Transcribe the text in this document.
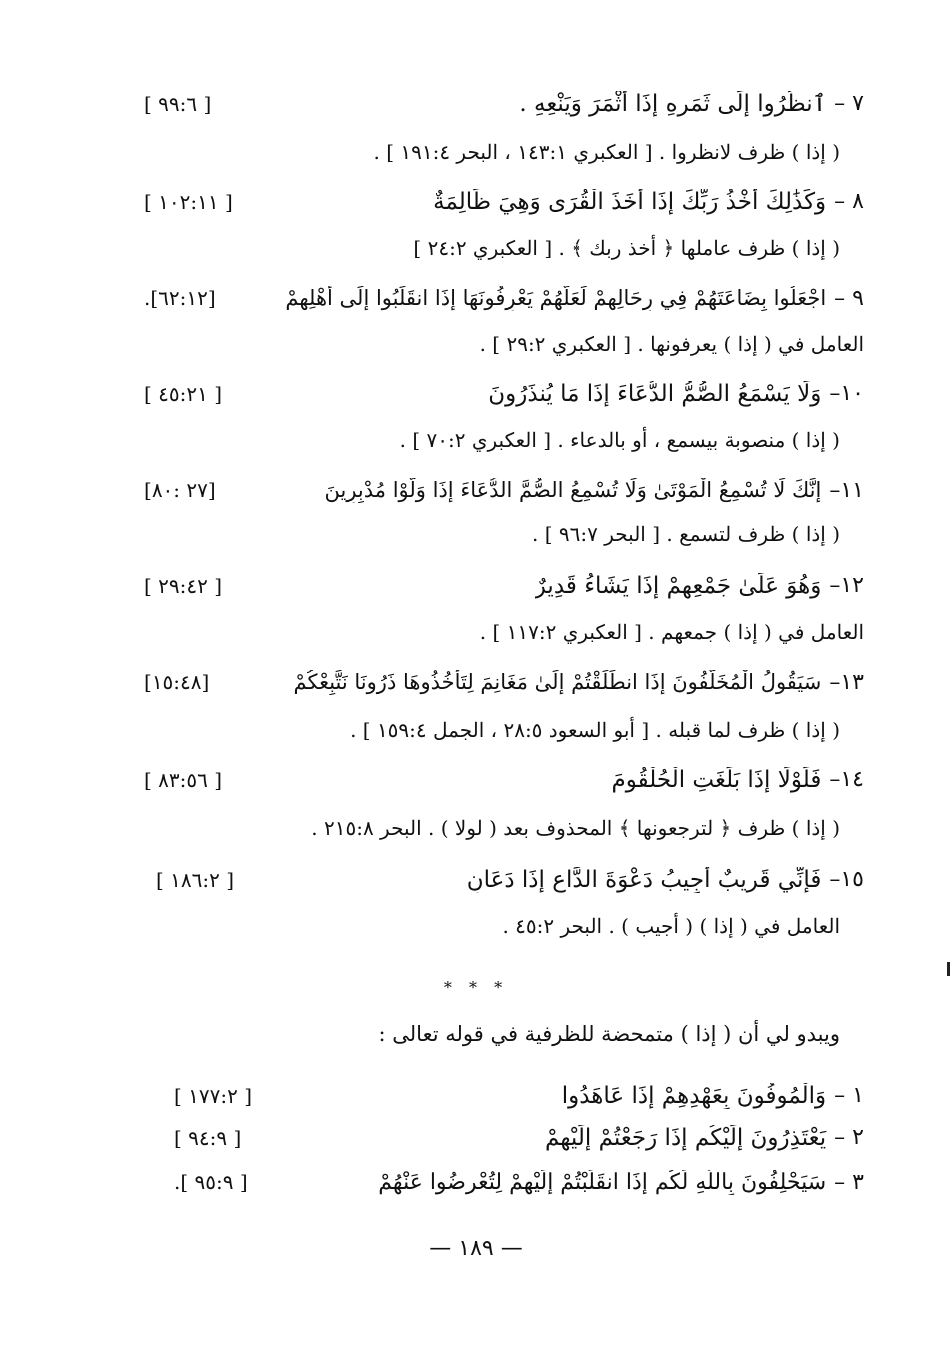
٧ –
ٱنظُرُوا إِلَى ثَمَرِهِ إِذَا أَثْمَرَ وَيَنْعِهِ .
[ ٩٩:٦ ]
( إذا ) ظرف لانظروا . [ العكبري ١٤٣:١ ، البحر ١٩١:٤ ] .
٨ –
وَكَذَٰلِكَ أَخْذُ رَبِّكَ إِذَا أَخَذَ الْقُرَى وَهِيَ ظَالِمَةٌ
[ ١٠٢:١١ ]
( إذا ) ظرف عاملها ﴿ أخذ ربك ﴾ . [ العكبري ٢٤:٢ ]
٩ –
اجْعَلُوا بِضَاعَتَهُمْ فِي رِحَالِهِمْ لَعَلَّهُمْ يَعْرِفُونَهَا إِذَا انقَلَبُوا إِلَى أَهْلِهِمْ
[٦٢:١٢].
العامل في ( إذا ) يعرفونها . [ العكبري ٢٩:٢ ] .
١٠–
وَلَا يَسْمَعُ الصُّمُّ الدُّعَاءَ إِذَا مَا يُنذَرُونَ
[ ٤٥:٢١ ]
( إذا ) منصوبة بيسمع ، أو بالدعاء . [ العكبري ٧٠:٢ ] .
١١–
إِنَّكَ لَا تُسْمِعُ الْمَوْتَىٰ وَلَا تُسْمِعُ الصُّمَّ الدُّعَاءَ إِذَا وَلَّوْا مُدْبِرِينَ
[٢٧ :٨٠]
( إذا ) ظرف لتسمع . [ البحر ٩٦:٧ ] .
١٢–
وَهُوَ عَلَىٰ جَمْعِهِمْ إِذَا يَشَاءُ قَدِيرٌ
[ ٢٩:٤٢ ]
العامل في ( إذا ) جمعهم . [ العكبري ١١٧:٢ ] .
١٣–
سَيَقُولُ الْمُخَلَّفُونَ إِذَا انطَلَقْتُمْ إِلَىٰ مَغَانِمَ لِتَأْخُذُوهَا ذَرُونَا نَتَّبِعْكُمْ
[١٥:٤٨]
( إذا ) ظرف لما قبله . [ أبو السعود ٢٨:٥ ، الجمل ١٥٩:٤ ] .
١٤–
فَلَوْلَا إِذَا بَلَغَتِ الْحُلْقُومَ
[ ٨٣:٥٦ ]
( إذا ) ظرف ﴿ لترجعونها ﴾ المحذوف بعد ( لولا ) . البحر ٢١٥:٨ .
١٥–
فَإِنِّي قَرِيبٌ أُجِيبُ دَعْوَةَ الدَّاعِ إِذَا دَعَانِ
[ ١٨٦:٢ ]
العامل في ( إذا ) ( أجيب ) . البحر ٤٥:٢ .
* * *
ويبدو لي أن ( إذا ) متمحضة للظرفية في قوله تعالى :
١ –
وَالْمُوفُونَ بِعَهْدِهِمْ إِذَا عَاهَدُوا
[ ١٧٧:٢ ]
٢ –
يَعْتَذِرُونَ إِلَيْكُم إِذَا رَجَعْتُمْ إِلَيْهِمْ
[ ٩٤:٩ ]
٣ –
سَيَحْلِفُونَ بِاللَّهِ لَكُم إِذَا انقَلَبْتُمْ إِلَيْهِمْ لِتُعْرِضُوا عَنْهُمْ
[ ٩٥:٩ ].
— ١٨٩ —
